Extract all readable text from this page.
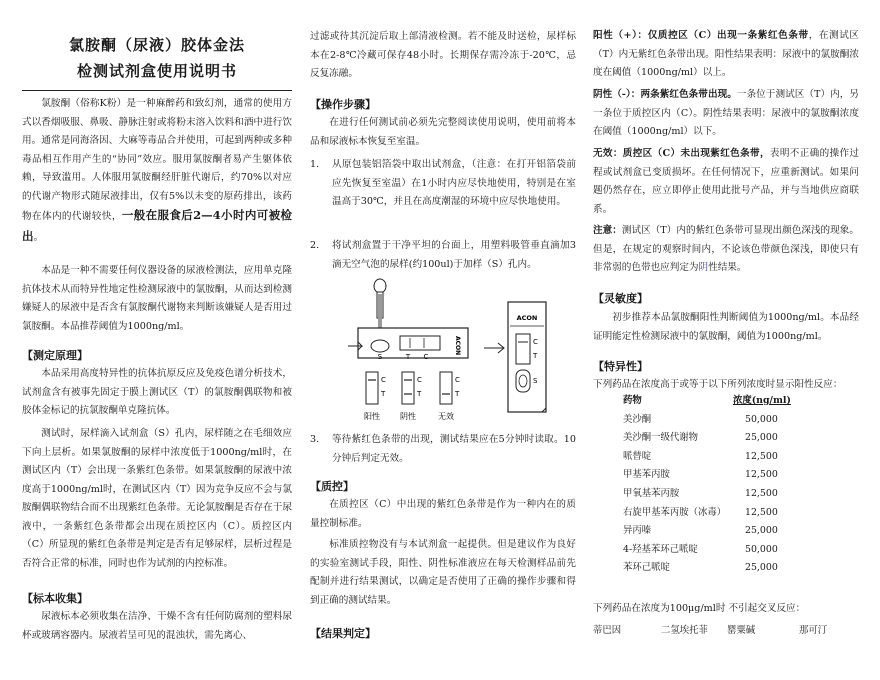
氯胺酮（尿液）胶体金法
检测试剂盒使用说明书
氯胺酮（俗称K粉）是一种麻醉药和致幻剂，通常的使用方式以香烟吸服、鼻吸、静脉注射或将粉末溶入饮料和酒中进行饮用。通常是同海洛因、大麻等毒品合并使用，可起到两种或多种毒品相互作用产生的“协同”效应。服用氯胺酮者易产生躯体依赖，导致滥用。人体服用氯胺酮经肝脏代谢后，约70%以对应的代谢产物形式随尿液排出，仅有5%以未变的原药排出，该药物在体内的代谢较快，一般在服食后2—4小时内可被检出。
本品是一种不需要任何仪器设备的尿液检测法，应用单克隆抗体技术从而特异性地定性检测尿液中的氯胺酮，从而达到检测嫌疑人的尿液中是否含有氯胺酮代谢物来判断该嫌疑人是否用过氯胺酮。本品推荐阈值为1000ng/ml。
【测定原理】
本品采用高度特异性的抗体抗原反应及免疫色谱分析技术，试剂盒含有被事先固定于膜上测试区（T）的氯胺酮偶联物和被胶体金标记的抗氯胺酮单克隆抗体。
测试时，尿样滴入试剂盒（S）孔内，尿样随之在毛细效应下向上层析。如果氯胺酮的尿样中浓度低于1000ng/ml时，在测试区内（T）会出现一条紫红色条带。如果氯胺酮的尿液中浓度高于1000ng/ml时，在测试区内（T）因为竞争反应不会与氯胺酮偶联物结合而不出现紫红色条带。无论氯胺酮是否存在于尿液中，一条紫红色条带都会出现在质控区内（C）。质控区内（C）所显现的紫红色条带是判定是否有足够尿样，层析过程是否符合正常的标准，同时也作为试剂的内控标准。
【标本收集】
尿液标本必须收集在洁净、干燥不含有任何防腐剂的塑料尿杯或玻璃容器内。尿液若呈可见的混浊状，需先离心、
过滤或待其沉淀后取上部清液检测。若不能及时送检，尿样标本在2-8℃冷藏可保存48小时。长期保存需冷冻于-20℃，忌反复冻融。
【操作步骤】
在进行任何测试前必须先完整阅读使用说明，使用前将本品和尿液标本恢复至室温。
1. 从原包装铝箔袋中取出试剂盒，（注意：在打开铝箔袋前应先恢复至室温）在1小时内应尽快地使用，特别是在室温高于30℃，并且在高度潮湿的环境中应尽快地使用。
2. 将试剂盒置于干净平坦的台面上，用塑料吸管垂直滴加3滴无空气泡的尿样(约100ul)于加样（S）孔内。
S	T C
ACON
C
T
C
T
C
T
阳性	阴性	无效
ACON
C
T
S
3. 等待紫红色条带的出现，测试结果应在5分钟时读取。10分钟后判定无效。
【质控】
在质控区（C）中出现的紫红色条带是作为一种内在的质量控制标准。
标准质控物没有与本试剂盒一起提供。但是建议作为良好的实验室测试手段，阳性、阴性标准液应在每天检测样品前先配制并进行结果测试，以确定是否使用了正确的操作步骤和得到正确的测试结果。
【结果判定】
阳性（+）：仅质控区（C）出现一条紫红色条带，在测试区（T）内无紫红色条带出现。阳性结果表明：尿液中的氯胺酮浓度在阈值（1000ng/ml）以上。
阴性（-）：两条紫红色条带出现。一条位于测试区（T）内，另一条位于质控区内（C）。阴性结果表明：尿液中的氯胺酮浓度在阈值（1000ng/ml）以下。
无效：质控区（C）未出现紫红色条带，表明不正确的操作过程或试剂盒已变质损坏。在任何情况下，应重新测试。如果问题仍然存在，应立即停止使用此批号产品，并与当地供应商联系。
注意：测试区（T）内的紫红色条带可显现出颜色深浅的现象。但是，在规定的观察时间内，不论该色带颜色深浅，即使只有非常弱的色带也应判定为阴性结果。
【灵敏度】
初步推荐本品氯胺酮阳性判断阈值为1000ng/ml。本品经证明能定性检测尿液中的氯胺酮，阈值为1000ng/ml。
【特异性】
下列药品在浓度高于或等于以下所列浓度时显示阳性反应：
药物	浓度(ng/ml)
美沙酮	50,000
美沙酮一级代谢物	25,000
哌替啶	12,500
甲基苯丙胺	12,500
甲氧基苯丙胺	12,500
右旋甲基苯丙胺（冰毒） 12,500
异丙嗪	25,000
4-羟基苯环己哌啶	50,000
苯环己哌啶	25,000
下列药品在浓度为100μg/ml时 不引起交叉反应：
蒂巴因	二氢埃托菲 罂粟碱	那可汀
